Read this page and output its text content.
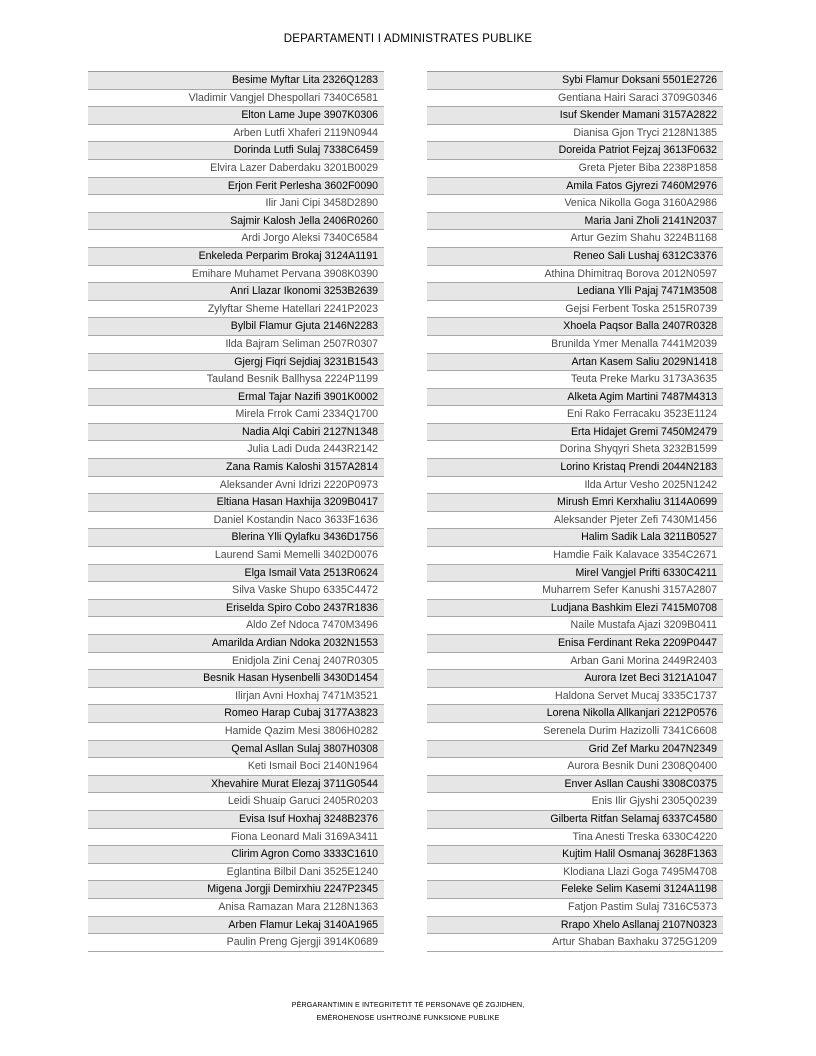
DEPARTAMENTI I ADMINISTRATES PUBLIKE
Besime Myftar Lita 2326Q1283
Vladimir Vangjel Dhespollari 7340C6581
Elton Lame Jupe 3907K0306
Arben Lutfi Xhaferi 2119N0944
Dorinda Lutfi Sulaj 7338C6459
Elvira Lazer Daberdaku 3201B0029
Erjon Ferit Perlesha 3602F0090
Ilir Jani Cipi 3458D2890
Sajmir Kalosh Jella 2406R0260
Ardi Jorgo Aleksi 7340C6584
Enkeleda Perparim Brokaj 3124A1191
Emihare Muhamet Pervana 3908K0390
Anri Llazar Ikonomi 3253B2639
Zylyftar Sheme Hatellari 2241P2023
Bylbil Flamur Gjuta 2146N2283
Ilda Bajram Seliman 2507R0307
Gjergj Fiqri Sejdiaj 3231B1543
Tauland Besnik Ballhysa 2224P1199
Ermal Tajar Nazifi 3901K0002
Mirela Frrok Cami 2334Q1700
Nadia Alqi Cabiri 2127N1348
Julia Ladi Duda 2443R2142
Zana Ramis Kaloshi 3157A2814
Aleksander Avni Idrizi 2220P0973
Eltiana Hasan Haxhija 3209B0417
Daniel Kostandin Naco 3633F1636
Blerina Ylli Qylafku 3436D1756
Laurend Sami Memelli 3402D0076
Elga Ismail Vata 2513R0624
Silva Vaske Shupo 6335C4472
Eriselda Spiro Cobo 2437R1836
Aldo Zef Ndoca 7470M3496
Amarilda Ardian Ndoka 2032N1553
Enidjola Zini Cenaj 2407R0305
Besnik Hasan Hysenbelli 3430D1454
Ilirjan Avni Hoxhaj 7471M3521
Romeo Harap Cubaj 3177A3823
Hamide Qazim Mesi 3806H0282
Qemal Asllan Sulaj 3807H0308
Keti Ismail Boci 2140N1964
Xhevahire Murat Elezaj 3711G0544
Leidi Shuaip Garuci 2405R0203
Evisa Isuf Hoxhaj 3248B2376
Fiona Leonard Mali 3169A3411
Clirim Agron Como 3333C1610
Eglantina Bilbil Dani 3525E1240
Migena Jorgji Demirxhiu 2247P2345
Anisa Ramazan Mara 2128N1363
Arben Flamur Lekaj 3140A1965
Paulin Preng Gjergji 3914K0689
Sybi Flamur Doksani 5501E2726
Gentiana Hairi Saraci 3709G0346
Isuf Skender Mamani 3157A2822
Dianisa Gjon Tryci 2128N1385
Doreida Patriot Fejzaj 3613F0632
Greta Pjeter Biba 2238P1858
Amila Fatos Gjyrezi 7460M2976
Venica Nikolla Goga 3160A2986
Maria Jani Zholi 2141N2037
Artur Gezim Shahu 3224B1168
Reneo Sali Lushaj 6312C3376
Athina Dhimitraq Borova 2012N0597
Lediana Ylli Pajaj 7471M3508
Gejsi Ferbent Toska 2515R0739
Xhoela Paqsor Balla 2407R0328
Brunilda Ymer Menalla 7441M2039
Artan Kasem Saliu 2029N1418
Teuta Preke Marku 3173A3635
Alketa Agim Martini 7487M4313
Eni Rako Ferracaku 3523E1124
Erta Hidajet Gremi 7450M2479
Dorina Shyqyri Sheta 3232B1599
Lorino Kristaq Prendi 2044N2183
Ilda Artur Vesho 2025N1242
Mirush Emri Kerxhaliu 3114A0699
Aleksander Pjeter Zefi 7430M1456
Halim Sadik Lala 3211B0527
Hamdie Faik Kalavace 3354C2671
Mirel Vangjel Prifti 6330C4211
Muharrem Sefer Kanushi 3157A2807
Ludjana Bashkim Elezi 7415M0708
Naile Mustafa Ajazi 3209B0411
Enisa Ferdinant Reka 2209P0447
Arban Gani Morina 2449R2403
Aurora Izet Beci 3121A1047
Haldona Servet Mucaj 3335C1737
Lorena Nikolla Allkanjari 2212P0576
Serenela Durim Hazizolli 7341C6608
Grid Zef Marku 2047N2349
Aurora Besnik Duni 2308Q0400
Enver Asllan Caushi 3308C0375
Enis Ilir Gjyshi 2305Q0239
Gilberta Ritfan Selamaj 6337C4580
Tina Anesti Treska 6330C4220
Kujtim Halil Osmanaj 3628F1363
Klodiana Llazi Goga 7495M4708
Feleke Selim Kasemi 3124A1198
Fatjon Pastim Sulaj 7316C5373
Rrapo Xhelo Asllanaj 2107N0323
Artur Shaban Baxhaku 3725G1209
PËRGARANTIMIN E INTEGRITETIT TË PERSONAVE QË ZGJIDHEN,
EMËROHENOSE USHTROJNË FUNKSIONE PUBLIKE
